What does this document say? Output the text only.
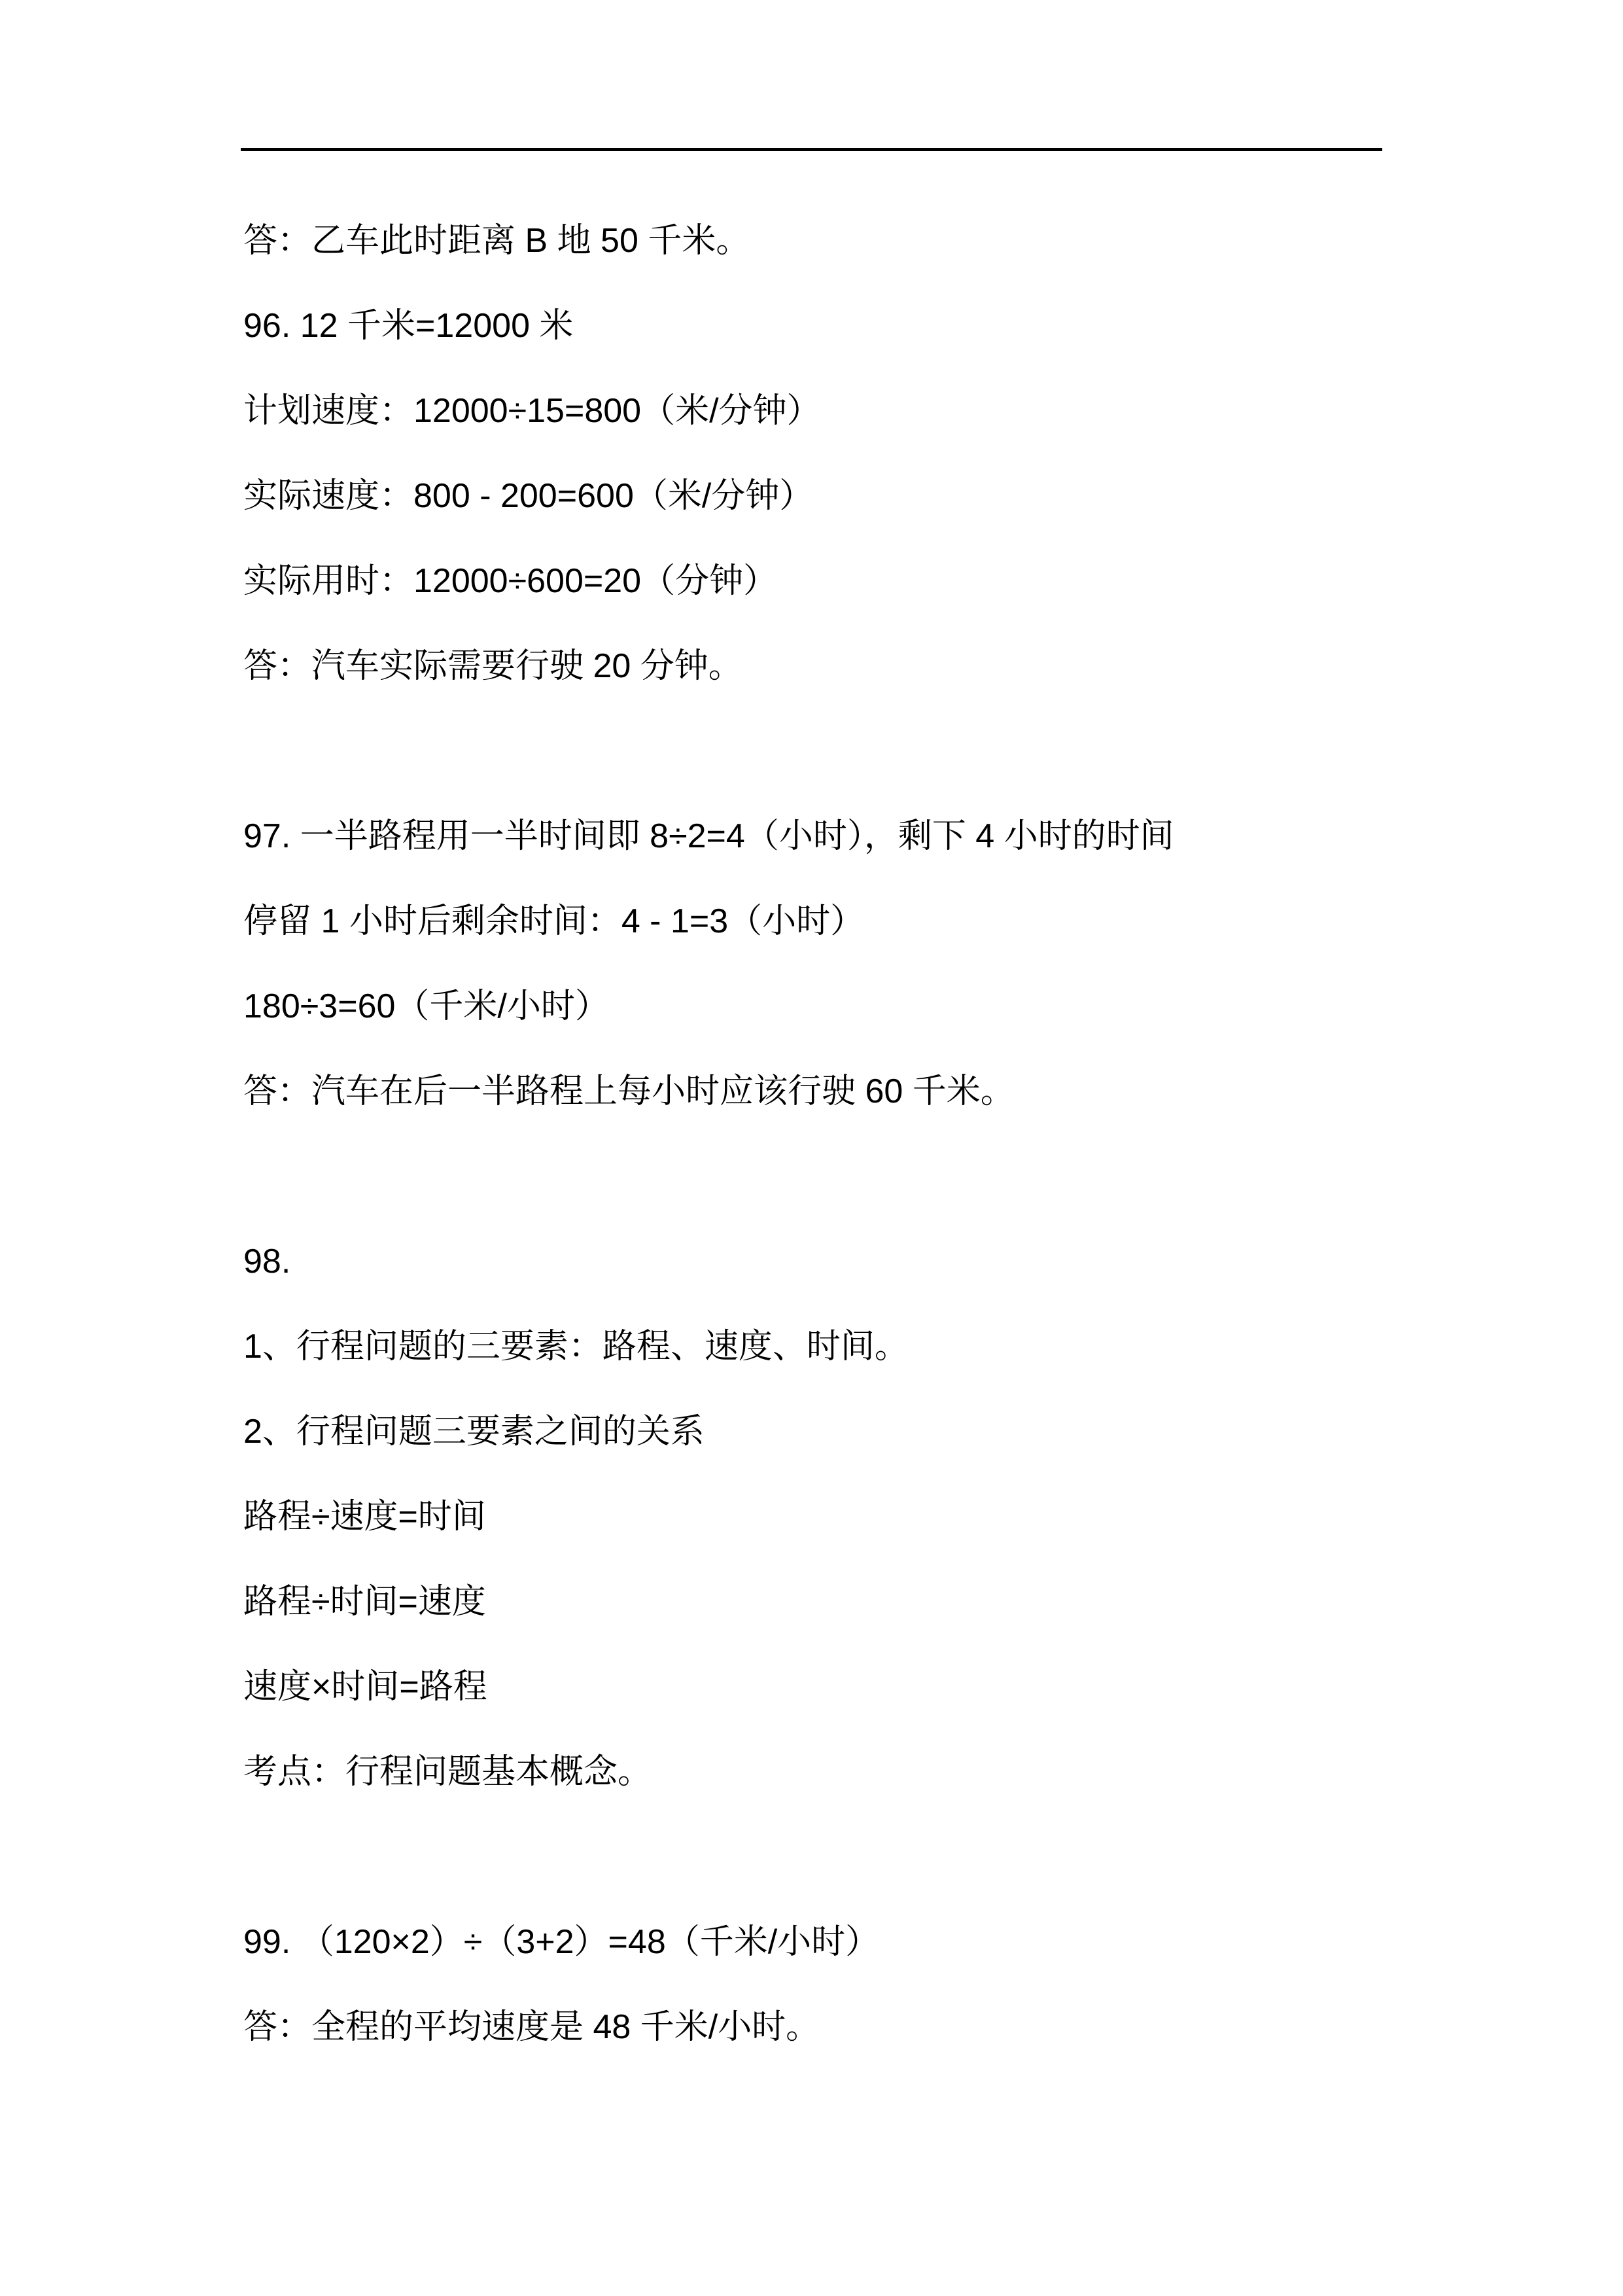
答：乙车此时距离 B 地 50 千米。

96. 12 千米=12000 米

计划速度：12000÷15=800（米/分钟）

实际速度：800 - 200=600（米/分钟）

实际用时：12000÷600=20（分钟）

答：汽车实际需要行驶 20 分钟。

97. 一半路程用一半时间即 8÷2=4（小时），剩下 4 小时的时间

停留 1 小时后剩余时间：4 - 1=3（小时）

180÷3=60（千米/小时）

答：汽车在后一半路程上每小时应该行驶 60 千米。

98.

1、行程问题的三要素：路程、速度、时间。

2、行程问题三要素之间的关系

路程÷速度=时间

路程÷时间=速度

速度×时间=路程

考点：行程问题基本概念。

99. （120×2）÷（3+2）=48（千米/小时）

答：全程的平均速度是 48 千米/小时。
